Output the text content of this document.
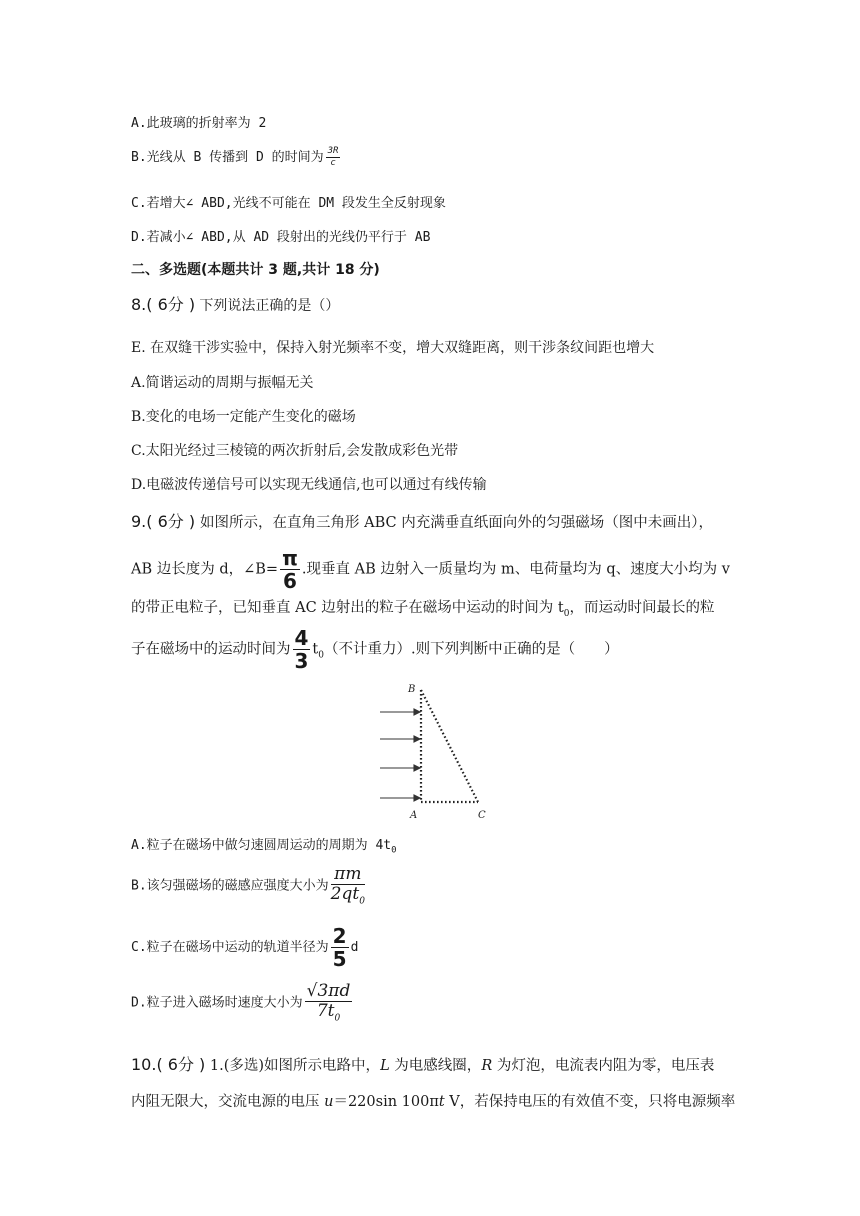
A.此玻璃的折射率为 2
B.光线从 B 传播到 D 的时间为 $\frac{3R}{c}$
C.若增大∠ ABD,光线不可能在 DM 段发生全反射现象
D.若减小∠ ABD,从 AD 段射出的光线仍平行于 AB
二、多选题(本题共计 3 题,共计 18 分)
8.( 6分 ) 下列说法正确的是（）
E. 在双缝干涉实验中，保持入射光频率不变，增大双缝距离，则干涉条纹间距也增大
A.简谐运动的周期与振幅无关
B.变化的电场一定能产生变化的磁场
C.太阳光经过三棱镜的两次折射后,会发散成彩色光带
D.电磁波传递信号可以实现无线通信,也可以通过有线传输
9.( 6分 ) 如图所示，在直角三角形 ABC 内充满垂直纸面向外的匀强磁场（图中未画出），
AB 边长度为 d，∠B= $\frac{\pi}{6}$ .现垂直 AB 边射入一质量均为 m、电荷量均为 q、速度大小均为 v
的带正电粒子，已知垂直 AC 边射出的粒子在磁场中运动的时间为 $t_0$，而运动时间最长的粒
子在磁场中的运动时间为 $\frac{4}{3} t_0$（不计重力）.则下列判断中正确的是（　　）
B
A	C
A.粒子在磁场中做匀速圆周运动的周期为 $4t_0$
B.该匀强磁场的磁感应强度大小为 $\frac{\pi m}{2qt_0}$
C.粒子在磁场中运动的轨道半径为 $\frac{2}{5}$ d
D.粒子进入磁场时速度大小为 $\frac{√3\pi d}{7t_0}$
10.( 6分 ) 1.(多选)如图所示电路中，L 为电感线圈，R 为灯泡，电流表内阻为零，电压表
内阻无限大，交流电源的电压 u＝220sin 100πt V，若保持电压的有效值不变，只将电源频率
